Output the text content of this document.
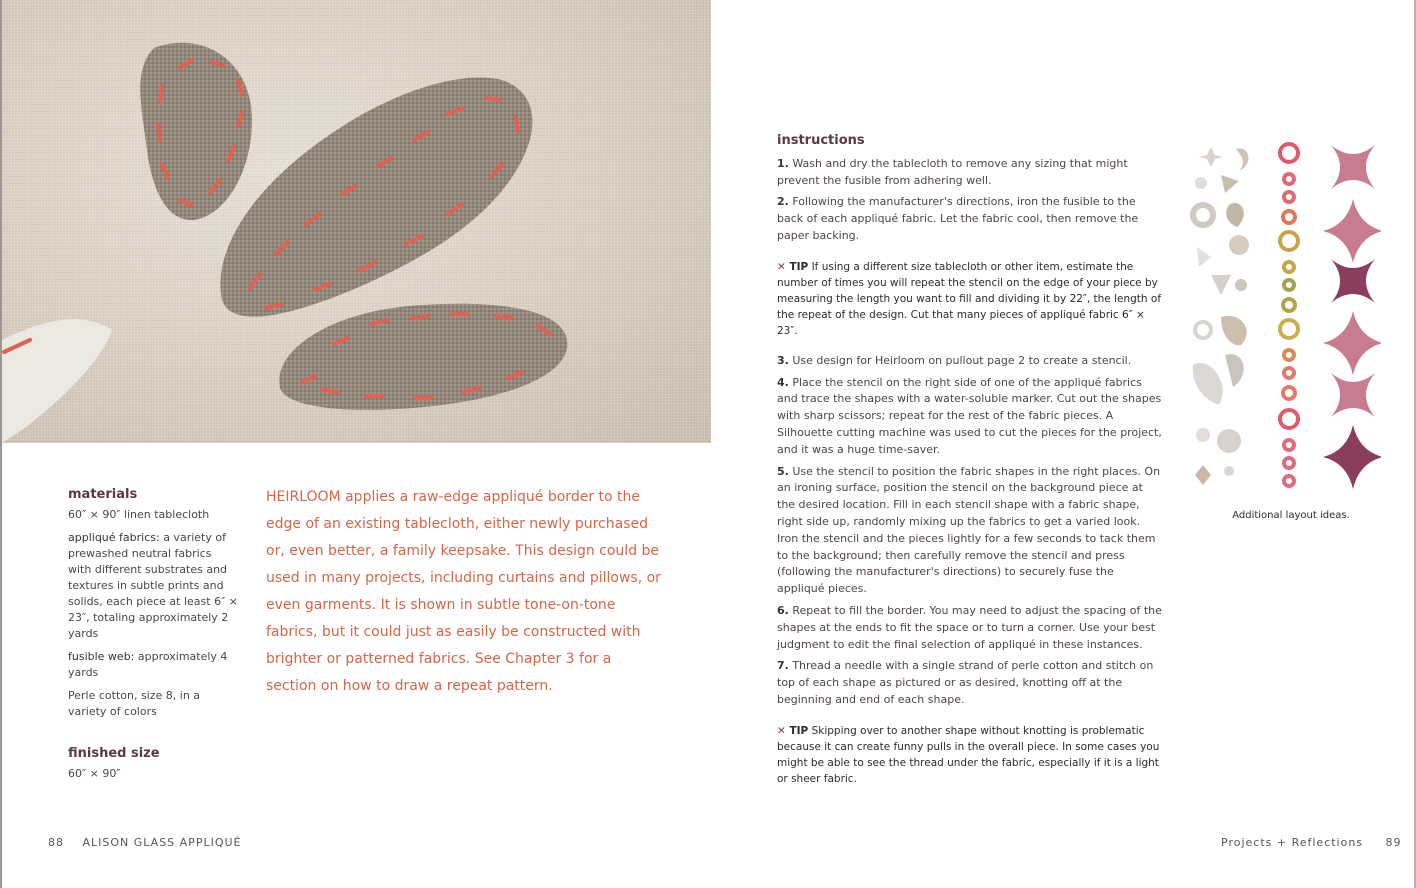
materials

60″ × 90″ linen tablecloth

appliqué fabrics: a variety of prewashed neutral fabrics with different substrates and textures in subtle prints and solids, each piece at least 6″ × 23″, totaling approximately 2 yards

fusible web: approximately 4 yards

Perle cotton, size 8, in a variety of colors

finished size

60″ × 90″

HEIRLOOM applies a raw-edge appliqué border to the edge of an existing tablecloth, either newly purchased or, even better, a family keepsake. This design could be used in many projects, including curtains and pillows, or even garments. It is shown in subtle tone-on-tone fabrics, but it could just as easily be constructed with brighter or patterned fabrics. See Chapter 3 for a section on how to draw a repeat pattern.

88 ALISON GLASS APPLIQUÉ
instructions

1. Wash and dry the tablecloth to remove any sizing that might prevent the fusible from adhering well.

2. Following the manufacturer's directions, iron the fusible to the back of each appliqué fabric. Let the fabric cool, then remove the paper backing.

✕ TIP If using a different size tablecloth or other item, estimate the number of times you will repeat the stencil on the edge of your piece by measuring the length you want to fill and dividing it by 22″, the length of the repeat of the design. Cut that many pieces of appliqué fabric 6″ × 23″.

3. Use design for Heirloom on pullout page 2 to create a stencil.

4. Place the stencil on the right side of one of the appliqué fabrics and trace the shapes with a water-soluble marker. Cut out the shapes with sharp scissors; repeat for the rest of the fabric pieces. A Silhouette cutting machine was used to cut the pieces for the project, and it was a huge time-saver.

5. Use the stencil to position the fabric shapes in the right places. On an ironing surface, position the stencil on the background piece at the desired location. Fill in each stencil shape with a fabric shape, right side up, randomly mixing up the fabrics to get a varied look. Iron the stencil and the pieces lightly for a few seconds to tack them to the background; then carefully remove the stencil and press (following the manufacturer's directions) to securely fuse the appliqué pieces.

6. Repeat to fill the border. You may need to adjust the spacing of the shapes at the ends to fit the space or to turn a corner. Use your best judgment to edit the final selection of appliqué in these instances.

7. Thread a needle with a single strand of perle cotton and stitch on top of each shape as pictured or as desired, knotting off at the beginning and end of each shape.

✕ TIP Skipping over to another shape without knotting is problematic because it can create funny pulls in the overall piece. In some cases you might be able to see the thread under the fabric, especially if it is a light or sheer fabric.

Additional layout ideas.
Projects + Reflections 89
